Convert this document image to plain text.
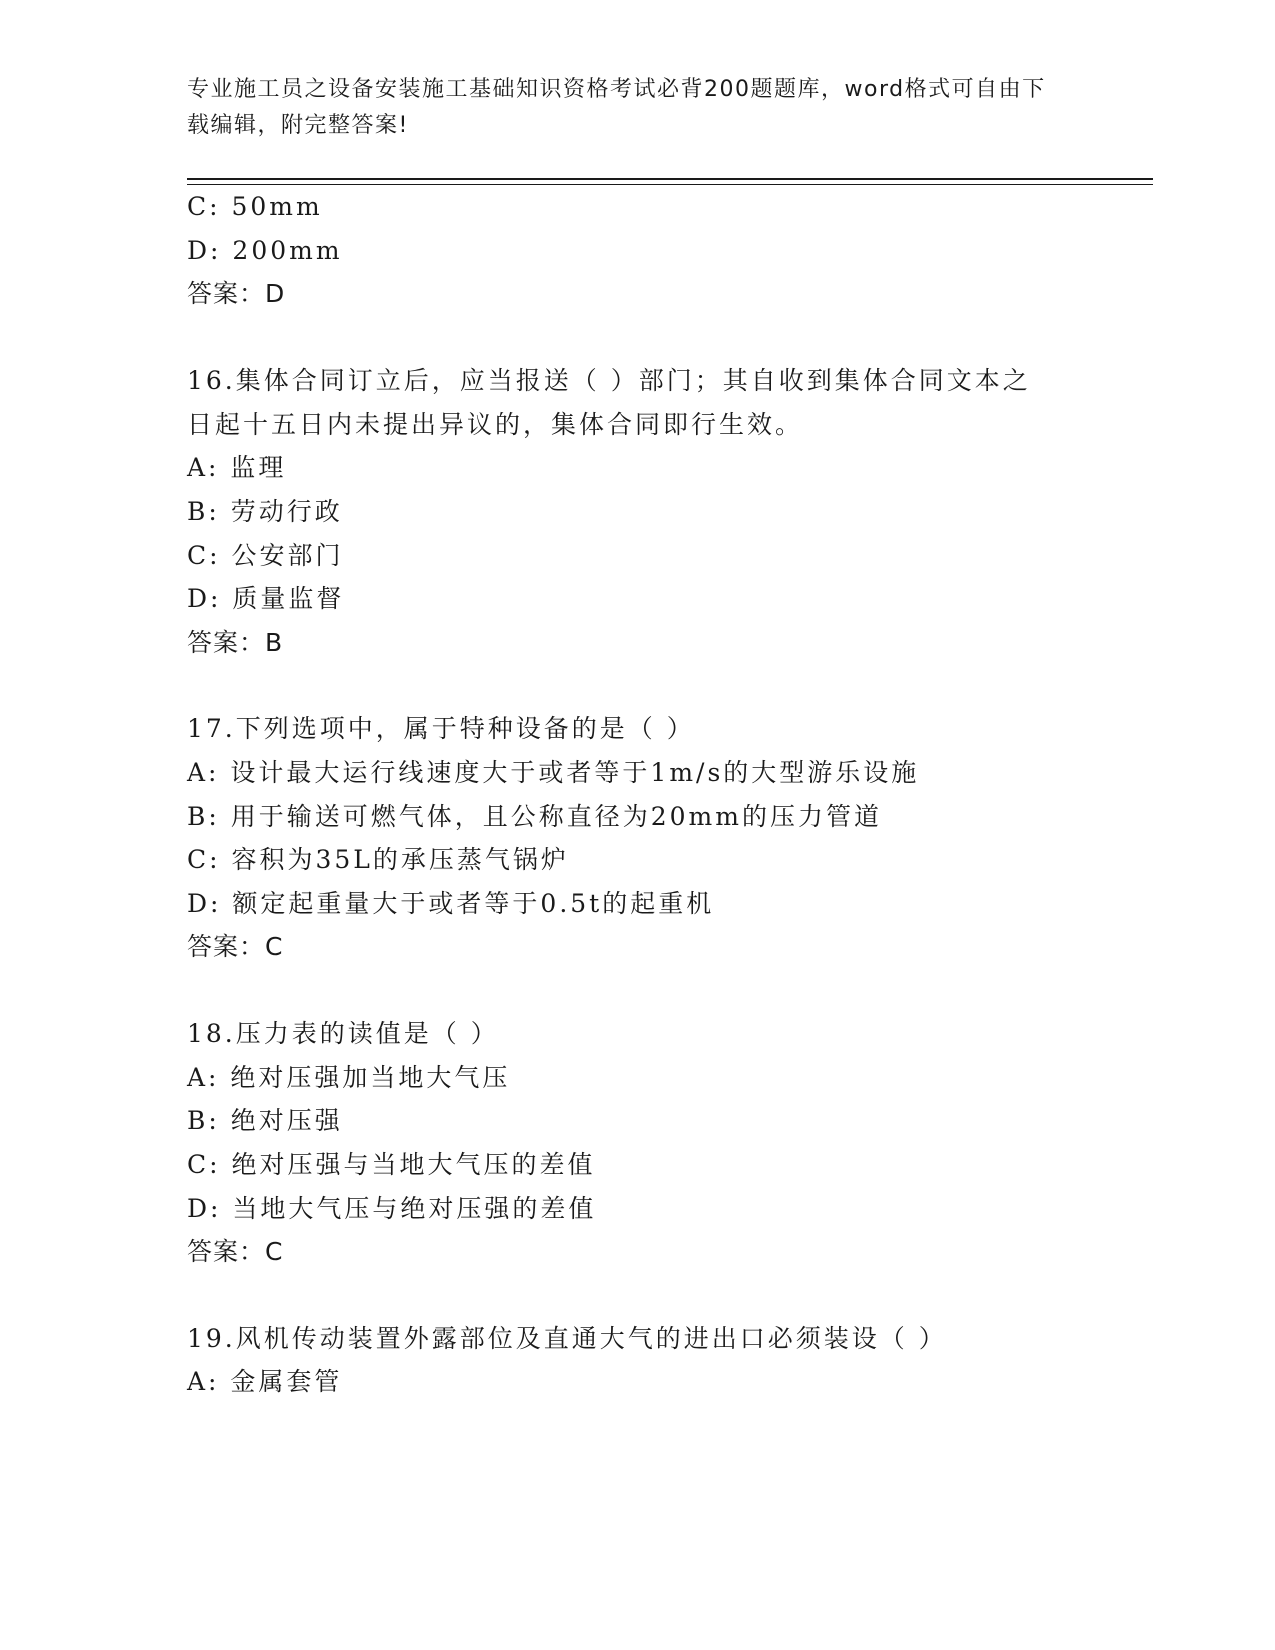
专业施工员之设备安装施工基础知识资格考试必背200题题库，word格式可自由下载编辑，附完整答案!
C: 50mm
D: 200mm
答案：D
16.集体合同订立后，应当报送（ ）部门；其自收到集体合同文本之
日起十五日内未提出异议的，集体合同即行生效。
A: 监理
B: 劳动行政
C: 公安部门
D: 质量监督
答案：B
17.下列选项中，属于特种设备的是（ ）
A: 设计最大运行线速度大于或者等于1m/s的大型游乐设施
B: 用于输送可燃气体，且公称直径为20mm的压力管道
C: 容积为35L的承压蒸气锅炉
D: 额定起重量大于或者等于0.5t的起重机
答案：C
18.压力表的读值是（ ）
A: 绝对压强加当地大气压
B: 绝对压强
C: 绝对压强与当地大气压的差值
D: 当地大气压与绝对压强的差值
答案：C
19.风机传动装置外露部位及直通大气的进出口必须装设（ ）
A: 金属套管
